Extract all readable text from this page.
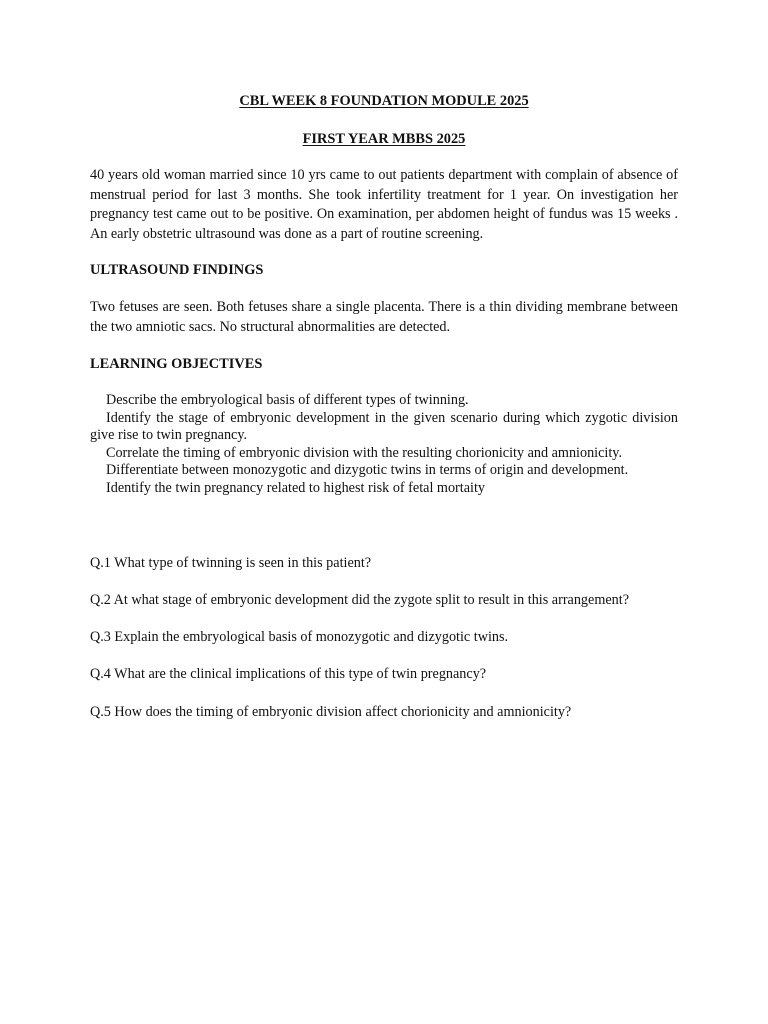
CBL WEEK 8 FOUNDATION MODULE 2025
FIRST YEAR MBBS 2025
40 years old woman married since 10 yrs came to out patients department with complain of absence of menstrual period for last 3 months. She took infertility treatment for 1 year. On investigation her pregnancy test came out to be positive. On examination, per abdomen height of fundus was 15 weeks . An early obstetric ultrasound was done as a part of routine screening.
ULTRASOUND FINDINGS
Two fetuses are seen. Both fetuses share a single placenta. There is a thin dividing membrane between the two amniotic sacs. No structural abnormalities are detected.
LEARNING OBJECTIVES
Describe the embryological basis of different types of twinning.
Identify the stage of embryonic development in the given scenario during which zygotic division give rise to twin pregnancy.
Correlate the timing of embryonic division with the resulting chorionicity and amnionicity.
Differentiate between monozygotic and dizygotic twins in terms of origin and development.
Identify the twin pregnancy related to highest risk of fetal mortaity
Q.1 What type of twinning is seen in this patient?
Q.2 At what stage of embryonic development did the zygote split to result in this arrangement?
Q.3 Explain the embryological basis of monozygotic and dizygotic twins.
Q.4 What are the clinical implications of this type of twin pregnancy?
Q.5 How does the timing of embryonic division affect chorionicity and amnionicity?
